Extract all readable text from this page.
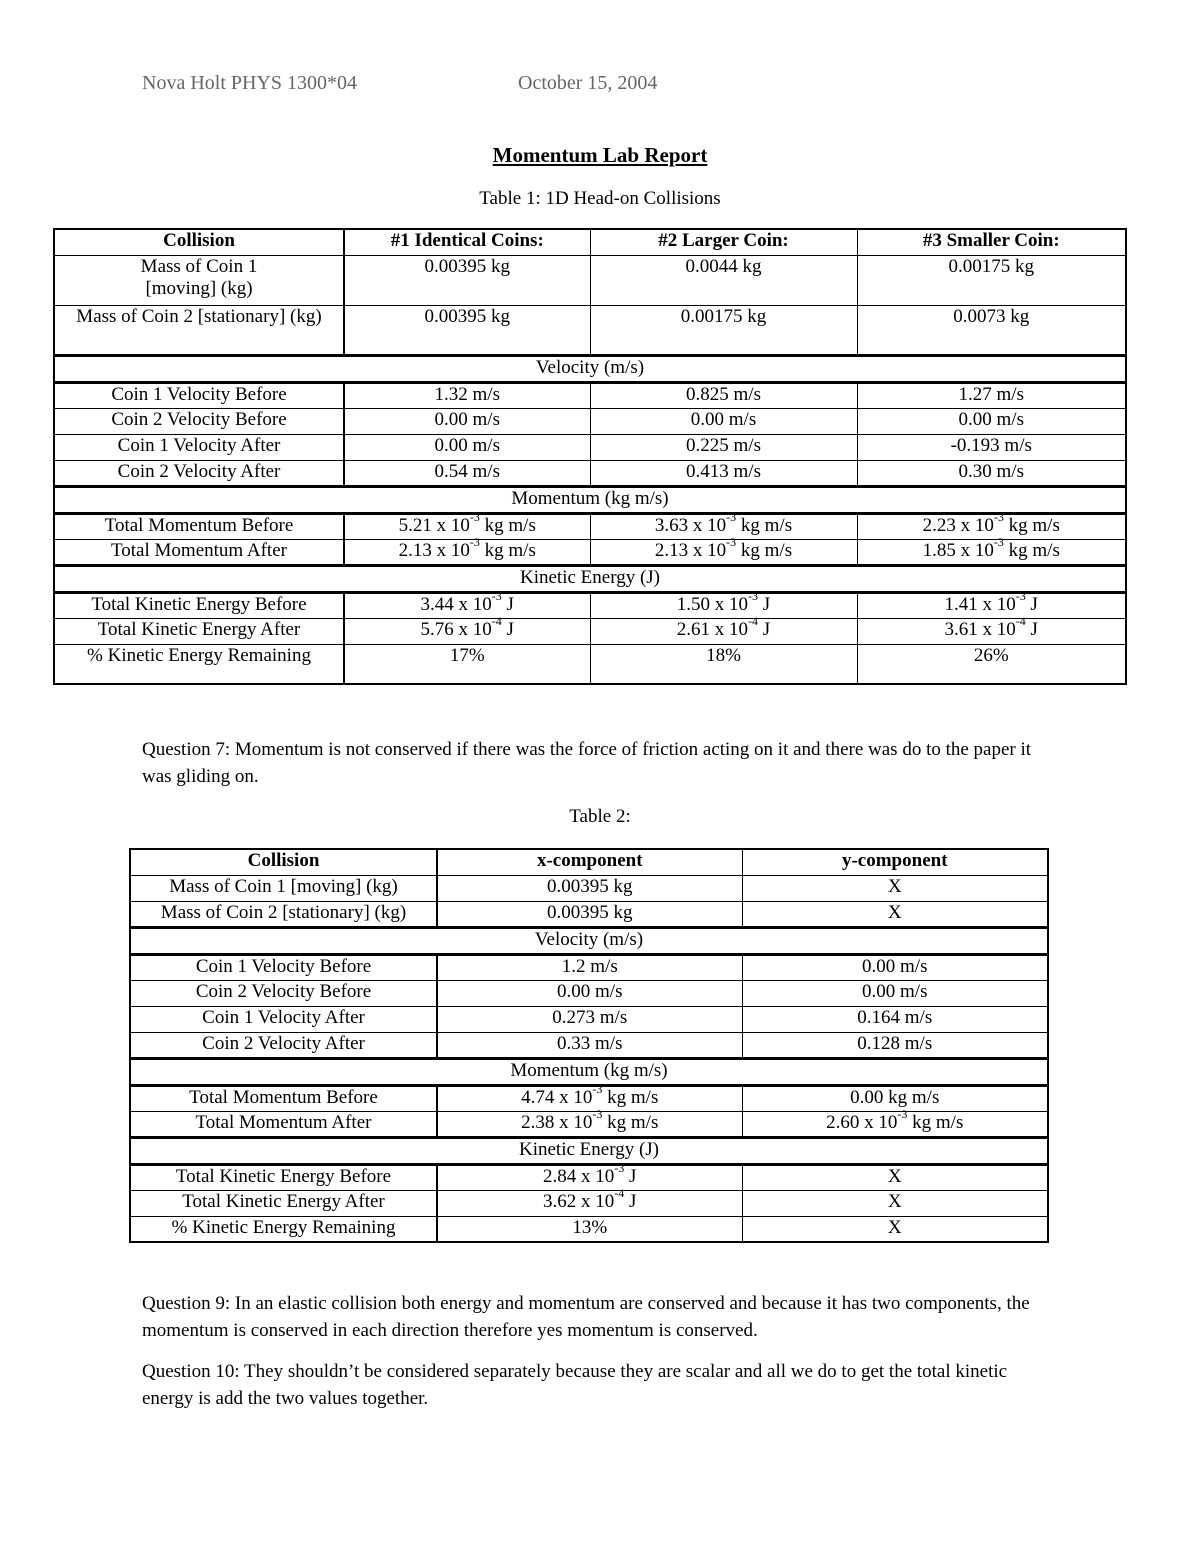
Nova Holt PHYS 1300*04	October 15, 2004
Momentum Lab Report
Table 1: 1D Head-on Collisions
Collision	#1 Identical Coins:	#2 Larger Coin:	#3 Smaller Coin:
Mass of Coin 1 [moving] (kg)	0.00395 kg	0.0044 kg	0.00175 kg
Mass of Coin 2 [stationary] (kg)	0.00395 kg	0.00175 kg	0.0073 kg
Velocity (m/s)			
Coin 1 Velocity Before	1.32 m/s	0.825 m/s	1.27 m/s
Coin 2 Velocity Before	0.00 m/s	0.00 m/s	0.00 m/s
Coin 1 Velocity After	0.00 m/s	0.225 m/s	-0.193 m/s
Coin 2 Velocity After	0.54 m/s	0.413 m/s	0.30 m/s
Momentum (kg m/s)			
Total Momentum Before	5.21 x $10^{-3}$ kg m/s	3.63 x $10^{-3}$ kg m/s	2.23 x $10^{-3}$ kg m/s
Total Momentum After	2.13 x $10^{-3}$ kg m/s	2.13 x $10^{-3}$ kg m/s	1.85 x $10^{-3}$ kg m/s
Kinetic Energy (J)			
Total Kinetic Energy Before	3.44 x $10^{-3}$ J	1.50 x $10^{-3}$ J	1.41 x $10^{-3}$ J
Total Kinetic Energy After	5.76 x $10^{-4}$ J	2.61 x $10^{-4}$ J	3.61 x $10^{-4}$ J
% Kinetic Energy Remaining	17%	18%	26%
Question 7: Momentum is not conserved if there was the force of friction acting on it and there was do to the paper it was gliding on.
Table 2:
Collision	x-component	y-component
Mass of Coin 1 [moving] (kg)	0.00395 kg	X
Mass of Coin 2 [stationary] (kg)	0.00395 kg	X
Velocity (m/s)		
Coin 1 Velocity Before	1.2 m/s	0.00 m/s
Coin 2 Velocity Before	0.00 m/s	0.00 m/s
Coin 1 Velocity After	0.273 m/s	0.164 m/s
Coin 2 Velocity After	0.33 m/s	0.128 m/s
Momentum (kg m/s)		
Total Momentum Before	4.74 x $10^{-3}$ kg m/s	0.00 kg m/s
Total Momentum After	2.38 x $10^{-3}$ kg m/s	2.60 x $10^{-3}$ kg m/s
Kinetic Energy (J)		
Total Kinetic Energy Before	2.84 x $10^{-3}$ J	X
Total Kinetic Energy After	3.62 x $10^{-4}$ J	X
% Kinetic Energy Remaining	13%	X
Question 9: In an elastic collision both energy and momentum are conserved and because it has two components, the momentum is conserved in each direction therefore yes momentum is conserved.
Question 10: They shouldn’t be considered separately because they are scalar and all we do to get the total kinetic energy is add the two values together.
